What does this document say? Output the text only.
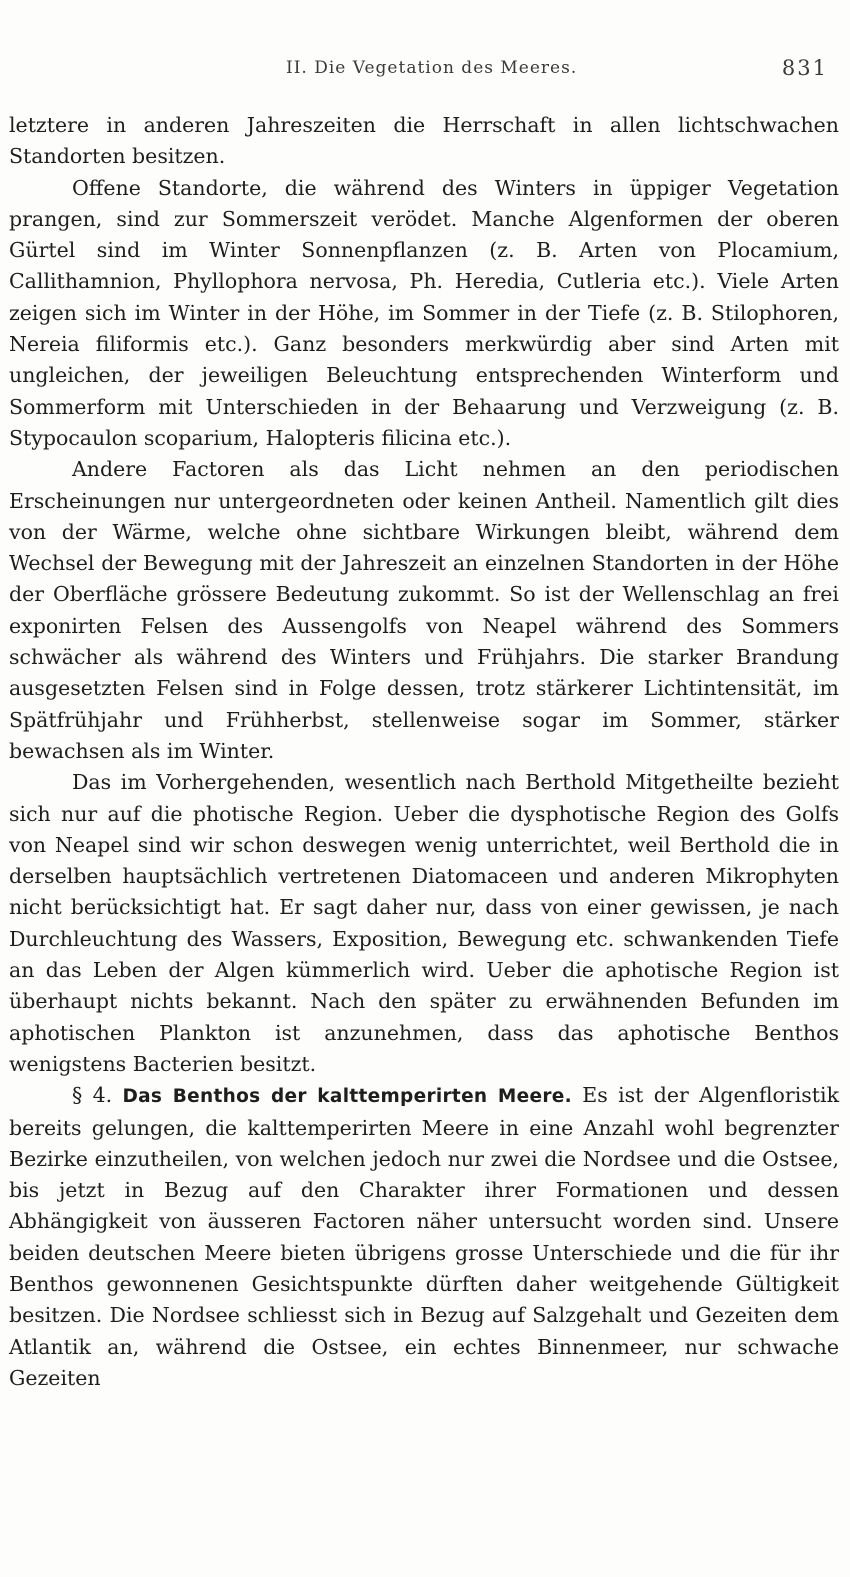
II. Die Vegetation des Meeres.	831

letztere in anderen Jahreszeiten die Herrschaft in allen lichtschwachen Standorten besitzen.

Offene Standorte, die während des Winters in üppiger Vegetation prangen, sind zur Sommerszeit verödet. Manche Algenformen der oberen Gürtel sind im Winter Sonnenpflanzen (z. B. Arten von Plocamium, Callithamnion, Phyllophora nervosa, Ph. Heredia, Cutleria etc.). Viele Arten zeigen sich im Winter in der Höhe, im Sommer in der Tiefe (z. B. Stilophoren, Nereia filiformis etc.). Ganz besonders merkwürdig aber sind Arten mit ungleichen, der jeweiligen Beleuchtung entsprechenden Winterform und Sommerform mit Unterschieden in der Behaarung und Verzweigung (z. B. Stypocaulon scoparium, Halopteris filicina etc.).

Andere Factoren als das Licht nehmen an den periodischen Erscheinungen nur untergeordneten oder keinen Antheil. Namentlich gilt dies von der Wärme, welche ohne sichtbare Wirkungen bleibt, während dem Wechsel der Bewegung mit der Jahreszeit an einzelnen Standorten in der Höhe der Oberfläche grössere Bedeutung zukommt. So ist der Wellenschlag an frei exponirten Felsen des Aussengolfs von Neapel während des Sommers schwächer als während des Winters und Frühjahrs. Die starker Brandung ausgesetzten Felsen sind in Folge dessen, trotz stärkerer Lichtintensität, im Spätfrühjahr und Frühherbst, stellenweise sogar im Sommer, stärker bewachsen als im Winter.

Das im Vorhergehenden, wesentlich nach Berthold Mitgetheilte bezieht sich nur auf die photische Region. Ueber die dysphotische Region des Golfs von Neapel sind wir schon deswegen wenig unterrichtet, weil Berthold die in derselben hauptsächlich vertretenen Diatomaceen und anderen Mikrophyten nicht berücksichtigt hat. Er sagt daher nur, dass von einer gewissen, je nach Durchleuchtung des Wassers, Exposition, Bewegung etc. schwankenden Tiefe an das Leben der Algen kümmerlich wird. Ueber die aphotische Region ist überhaupt nichts bekannt. Nach den später zu erwähnenden Befunden im aphotischen Plankton ist anzunehmen, dass das aphotische Benthos wenigstens Bacterien besitzt.

§ 4. Das Benthos der kalttemperirten Meere. Es ist der Algenfloristik bereits gelungen, die kalttemperirten Meere in eine Anzahl wohl begrenzter Bezirke einzutheilen, von welchen jedoch nur zwei die Nordsee und die Ostsee, bis jetzt in Bezug auf den Charakter ihrer Formationen und dessen Abhängigkeit von äusseren Factoren näher untersucht worden sind. Unsere beiden deutschen Meere bieten übrigens grosse Unterschiede und die für ihr Benthos gewonnenen Gesichtspunkte dürften daher weitgehende Gültigkeit besitzen. Die Nordsee schliesst sich in Bezug auf Salzgehalt und Gezeiten dem Atlantik an, während die Ostsee, ein echtes Binnenmeer, nur schwache Gezeiten
